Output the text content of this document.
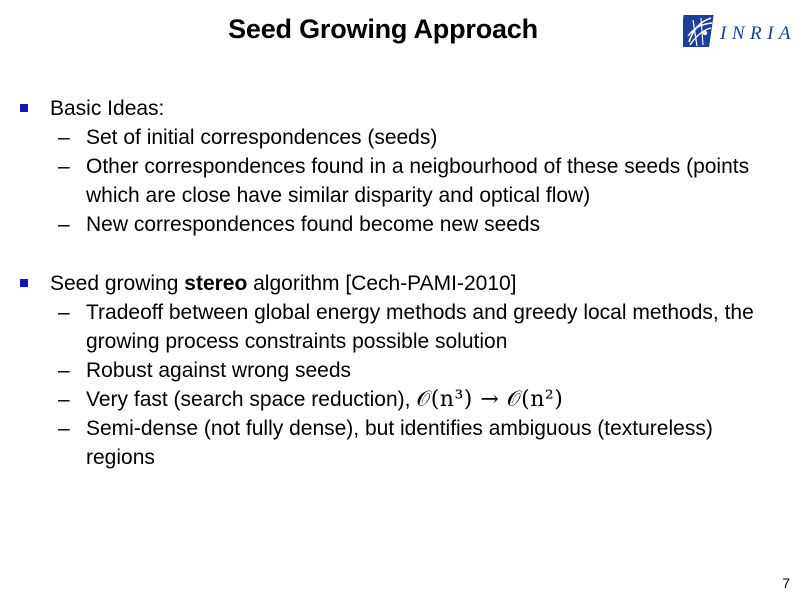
Seed Growing Approach	INRIA
Basic Ideas:
– Set of initial correspondences (seeds)
– Other correspondences found in a neigbourhood of these seeds (points which are close have similar disparity and optical flow)
– New correspondences found become new seeds
Seed growing stereo algorithm [Cech-PAMI-2010]
– Tradeoff between global energy methods and greedy local methods, the growing process constraints possible solution
– Robust against wrong seeds
– Very fast (search space reduction), 𝒪(n³) → 𝒪(n²)
– Semi-dense (not fully dense), but identifies ambiguous (textureless) regions
7
